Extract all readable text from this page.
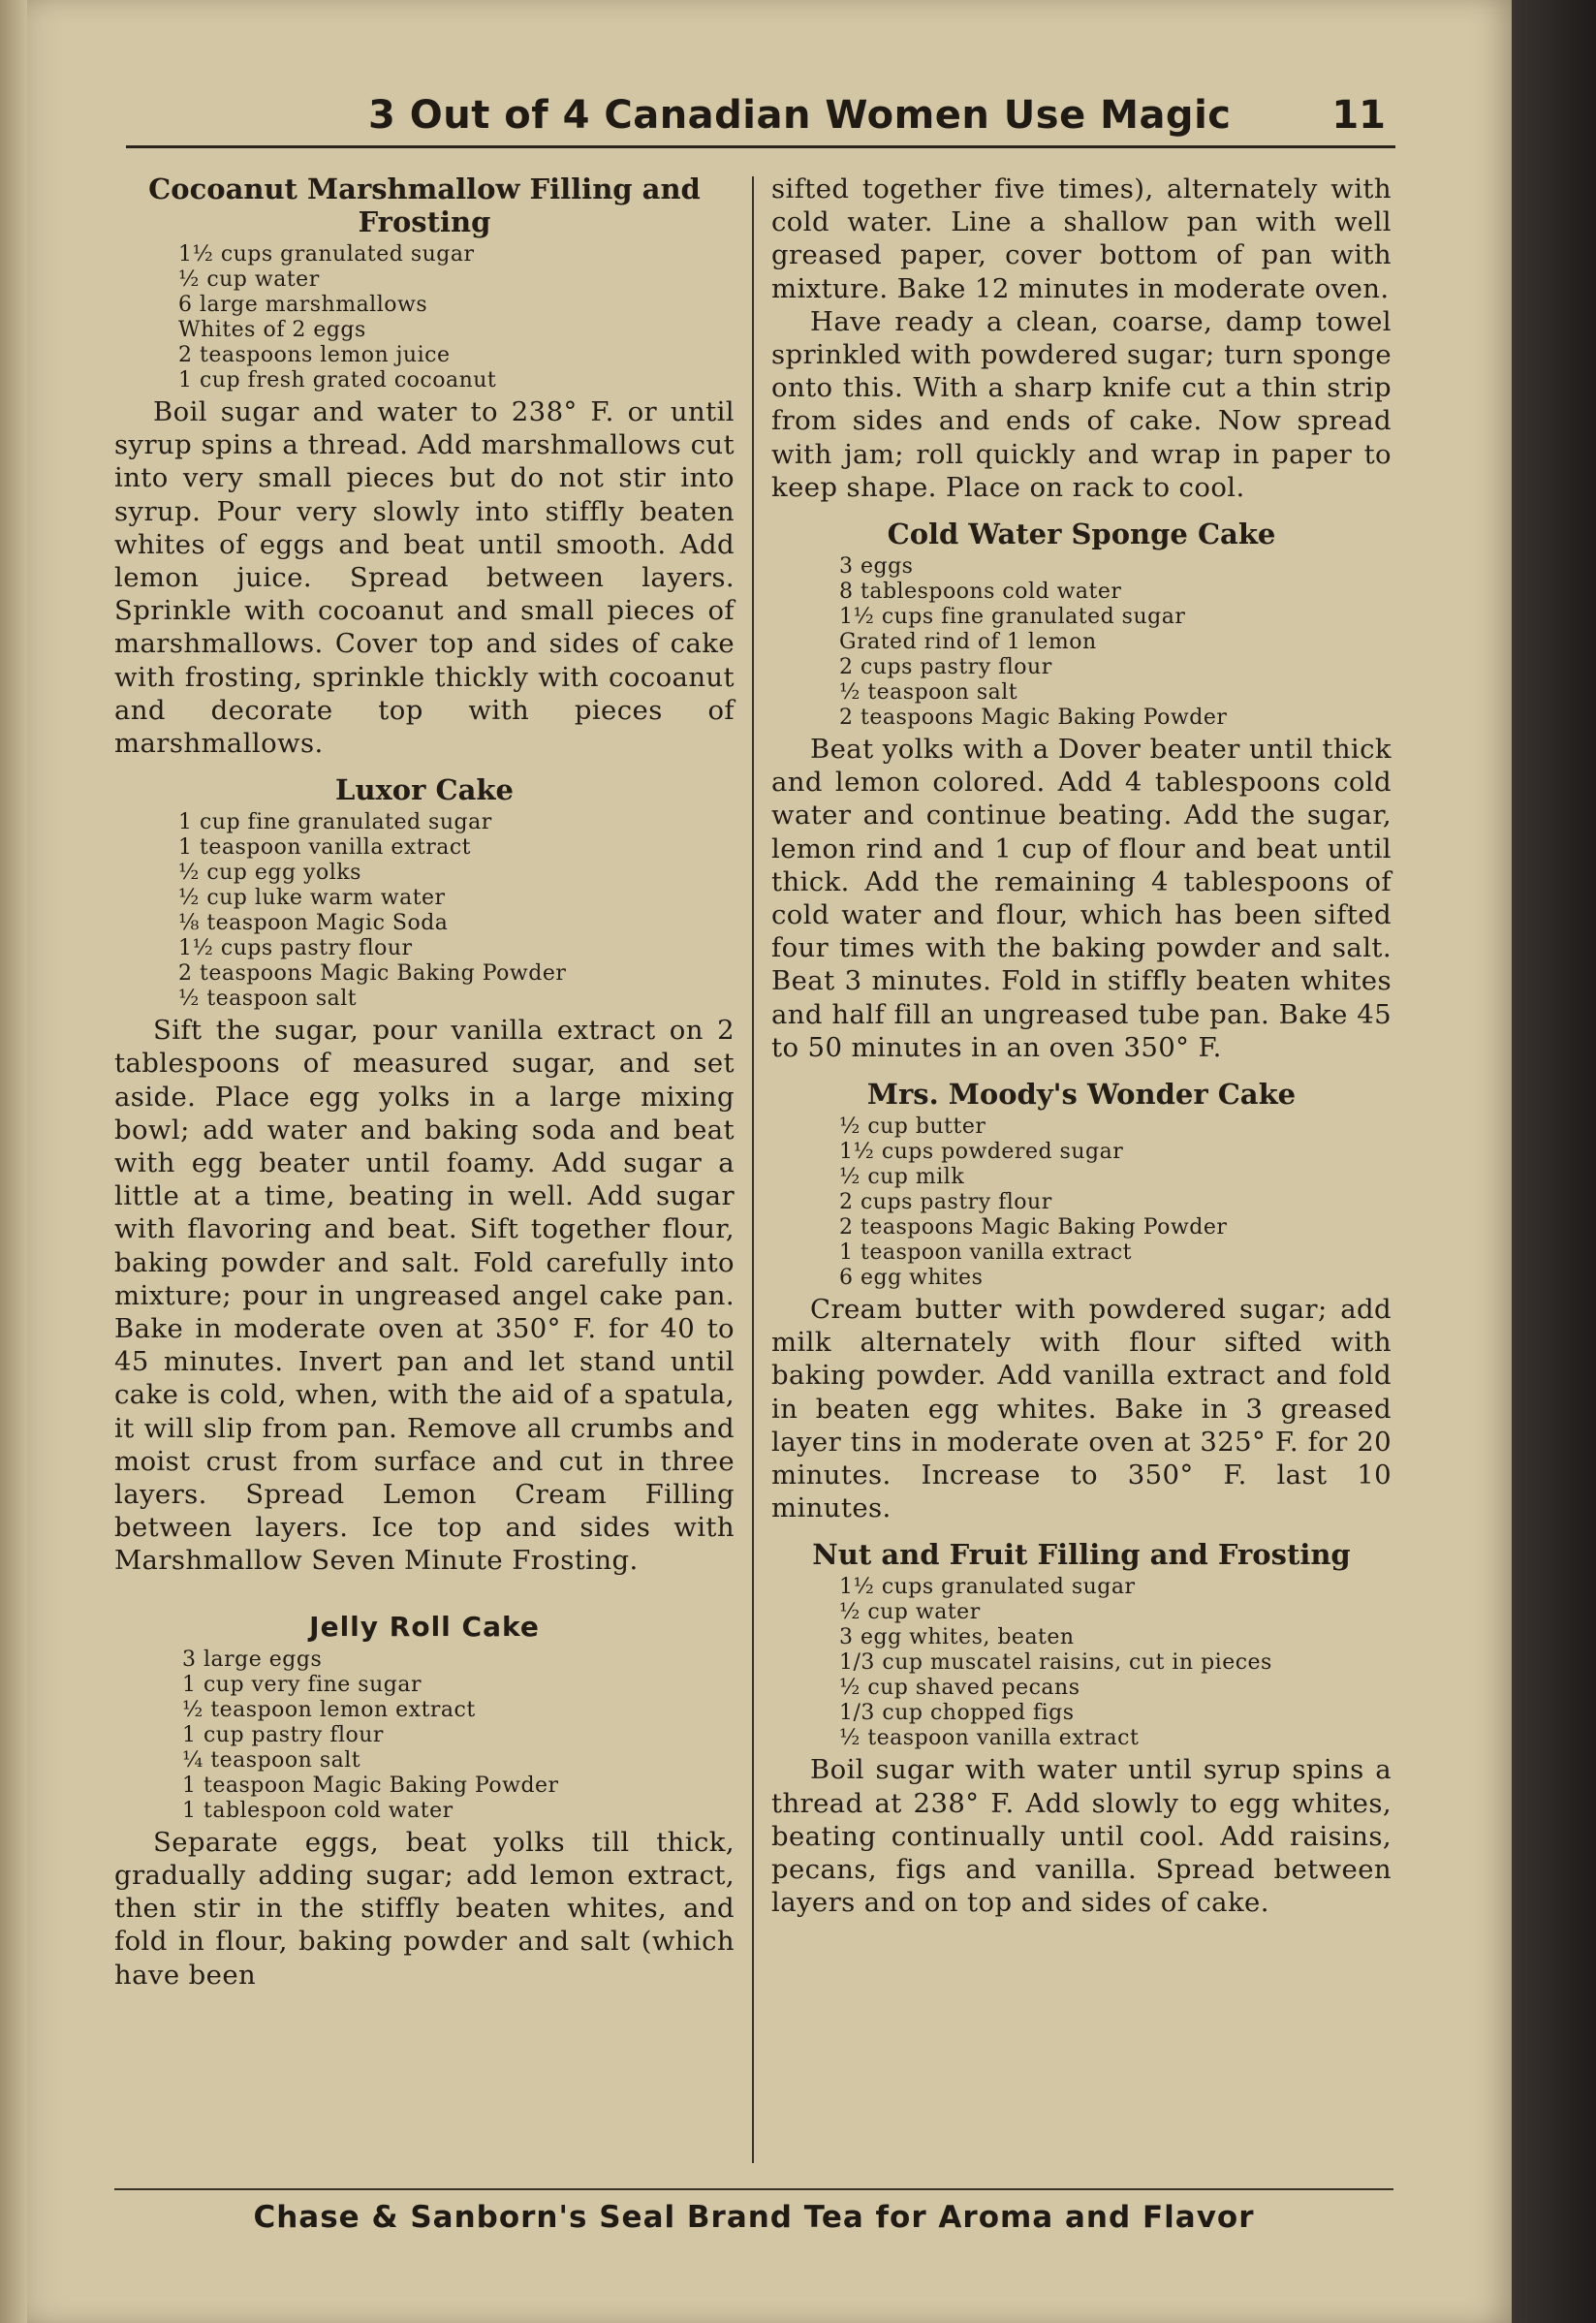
3 Out of 4 Canadian Women Use Magic	11
Cocoanut Marshmallow Filling and Frosting
1½ cups granulated sugar
½ cup water
6 large marshmallows
Whites of 2 eggs
2 teaspoons lemon juice
1 cup fresh grated cocoanut

Boil sugar and water to 238° F. or until syrup spins a thread. Add marshmallows cut into very small pieces but do not stir into syrup. Pour very slowly into stiffly beaten whites of eggs and beat until smooth. Add lemon juice. Spread between layers. Sprinkle with cocoanut and small pieces of marshmallows. Cover top and sides of cake with frosting, sprinkle thickly with cocoanut and decorate top with pieces of marshmallows.

Luxor Cake
1 cup fine granulated sugar
1 teaspoon vanilla extract
½ cup egg yolks
½ cup luke warm water
⅛ teaspoon Magic Soda
1½ cups pastry flour
2 teaspoons Magic Baking Powder
½ teaspoon salt

Sift the sugar, pour vanilla extract on 2 tablespoons of measured sugar, and set aside. Place egg yolks in a large mixing bowl; add water and baking soda and beat with egg beater until foamy. Add sugar a little at a time, beating in well. Add sugar with flavoring and beat. Sift together flour, baking powder and salt. Fold carefully into mixture; pour in ungreased angel cake pan. Bake in moderate oven at 350° F. for 40 to 45 minutes. Invert pan and let stand until cake is cold, when, with the aid of a spatula, it will slip from pan. Remove all crumbs and moist crust from surface and cut in three layers. Spread Lemon Cream Filling between layers. Ice top and sides with Marshmallow Seven Minute Frosting.

Jelly Roll Cake
3 large eggs
1 cup very fine sugar
½ teaspoon lemon extract
1 cup pastry flour
¼ teaspoon salt
1 teaspoon Magic Baking Powder
1 tablespoon cold water

Separate eggs, beat yolks till thick, gradually adding sugar; add lemon extract, then stir in the stiffly beaten whites, and fold in flour, baking powder and salt (which have been

sifted together five times), alternately with cold water. Line a shallow pan with well greased paper, cover bottom of pan with mixture. Bake 12 minutes in moderate oven.

Have ready a clean, coarse, damp towel sprinkled with powdered sugar; turn sponge onto this. With a sharp knife cut a thin strip from sides and ends of cake. Now spread with jam; roll quickly and wrap in paper to keep shape. Place on rack to cool.

Cold Water Sponge Cake
3 eggs
8 tablespoons cold water
1½ cups fine granulated sugar
Grated rind of 1 lemon
2 cups pastry flour
½ teaspoon salt
2 teaspoons Magic Baking Powder

Beat yolks with a Dover beater until thick and lemon colored. Add 4 tablespoons cold water and continue beating. Add the sugar, lemon rind and 1 cup of flour and beat until thick. Add the remaining 4 tablespoons of cold water and flour, which has been sifted four times with the baking powder and salt. Beat 3 minutes. Fold in stiffly beaten whites and half fill an ungreased tube pan. Bake 45 to 50 minutes in an oven 350° F.

Mrs. Moody's Wonder Cake
½ cup butter
1½ cups powdered sugar
½ cup milk
2 cups pastry flour
2 teaspoons Magic Baking Powder
1 teaspoon vanilla extract
6 egg whites

Cream butter with powdered sugar; add milk alternately with flour sifted with baking powder. Add vanilla extract and fold in beaten egg whites. Bake in 3 greased layer tins in moderate oven at 325° F. for 20 minutes. Increase to 350° F. last 10 minutes.

Nut and Fruit Filling and Frosting
1½ cups granulated sugar
½ cup water
3 egg whites, beaten
1/3 cup muscatel raisins, cut in pieces
½ cup shaved pecans
1/3 cup chopped figs
½ teaspoon vanilla extract

Boil sugar with water until syrup spins a thread at 238° F. Add slowly to egg whites, beating continually until cool. Add raisins, pecans, figs and vanilla. Spread between layers and on top and sides of cake.

Chase & Sanborn's Seal Brand Tea for Aroma and Flavor
